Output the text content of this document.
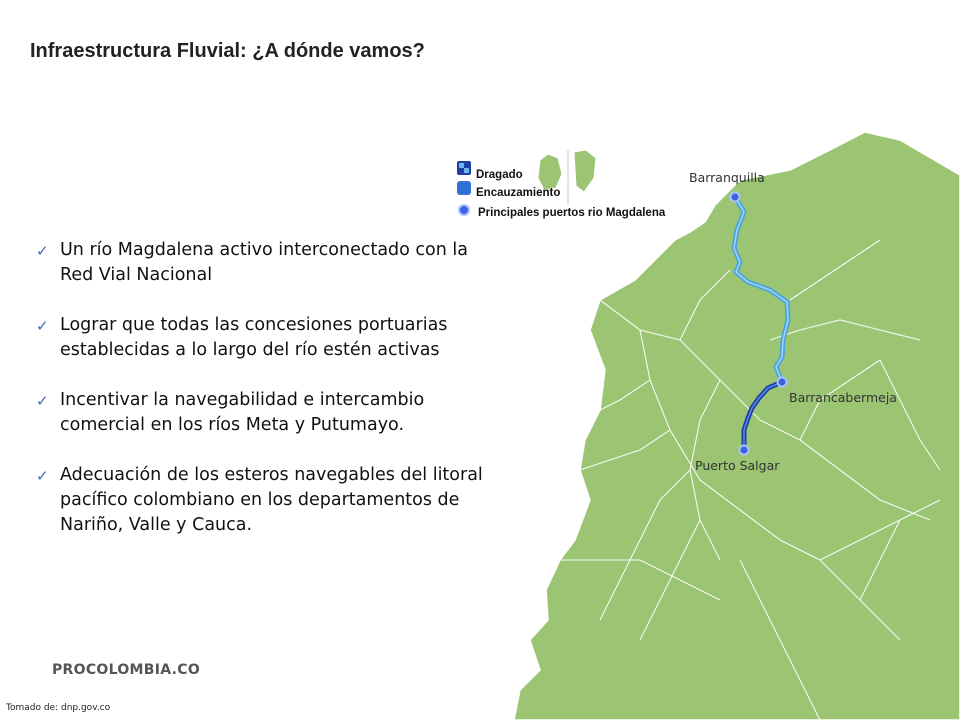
Infraestructura Fluvial: ¿A dónde vamos?
✓ Un río Magdalena activo interconectado con la Red Vial Nacional
✓ Lograr que todas las concesiones portuarias establecidas a lo largo del río estén activas
✓ Incentivar la navegabilidad e intercambio comercial en los ríos Meta y Putumayo.
✓ Adecuación de los esteros navegables del litoral pacífico colombiano en los departamentos de Nariño, Valle y Cauca.
Dragado
Encauzamiento
Principales puertos rio Magdalena
Barranquilla
Barrancabermeja
Puerto Salgar
PROCOLOMBIA.CO
Tomado de: dnp.gov.co
